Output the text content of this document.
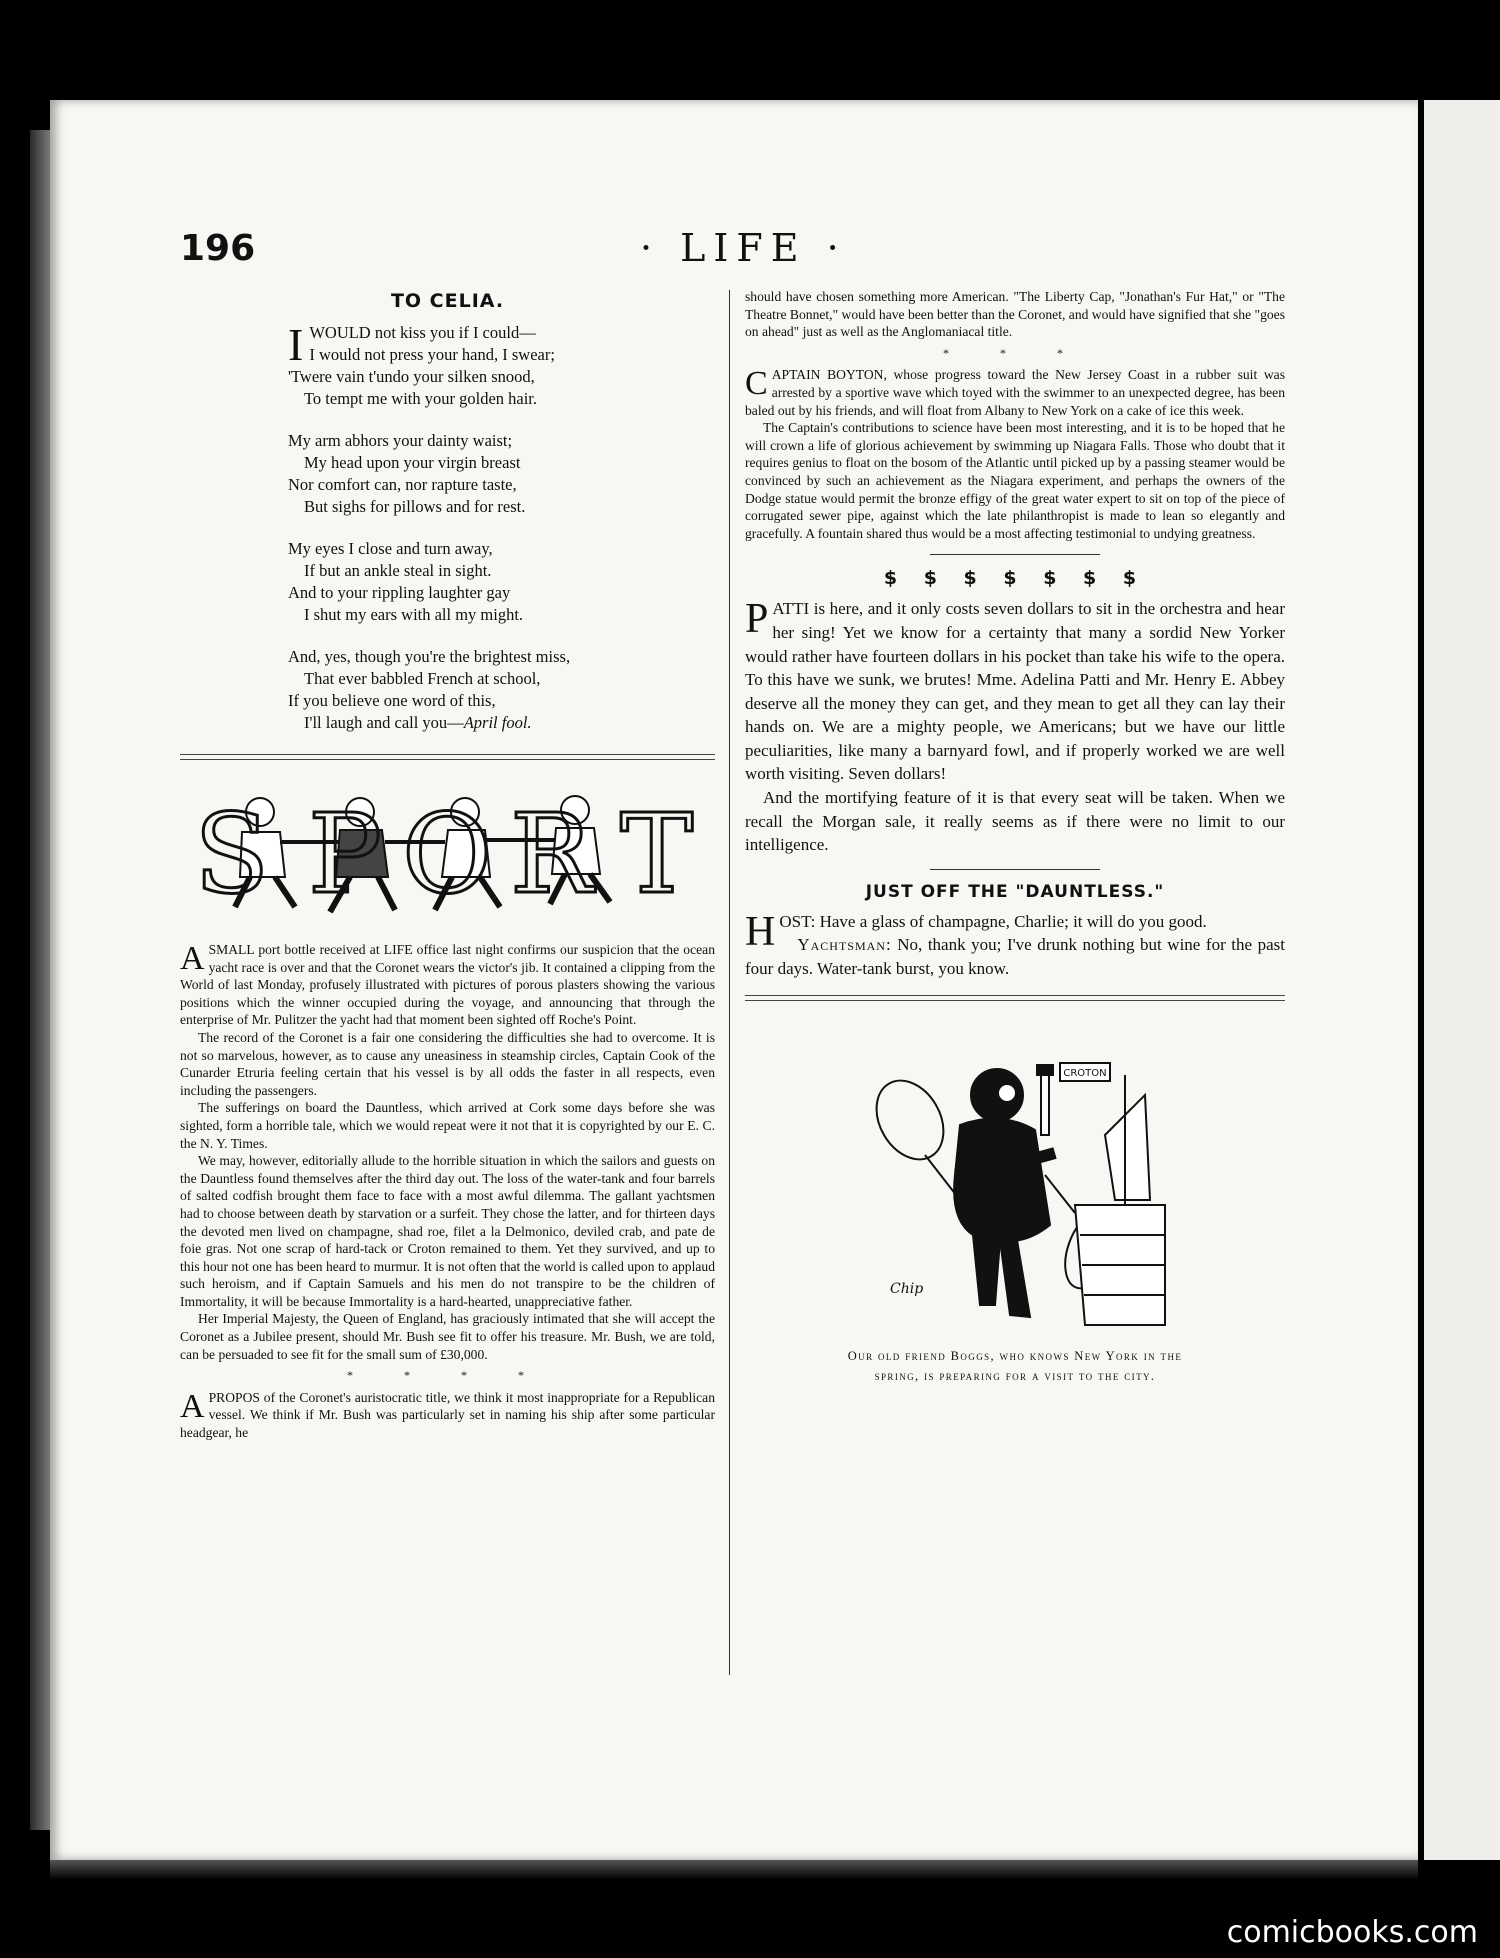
196	· LIFE ·
TO CELIA.
I WOULD not kiss you if I could—
I would not press your hand, I swear;
'Twere vain t'undo your silken snood,
To tempt me with your golden hair.
My arm abhors your dainty waist;
My head upon your virgin breast
Nor comfort can, nor rapture taste,
But sighs for pillows and for rest.
My eyes I close and turn away,
If but an ankle steal in sight.
And to your rippling laughter gay
I shut my ears with all my might.
And, yes, though you're the brightest miss,
That ever babbled French at school,
If you believe one word of this,
I'll laugh and call you—April fool.
S P O R T

ASMALL port bottle received at LIFE office last night confirms our suspicion that the ocean yacht race is over and that the Coronet wears the victor's jib. It contained a clipping from the World of last Monday, profusely illustrated with pictures of porous plasters showing the various positions which the winner occupied during the voyage, and announcing that through the enterprise of Mr. Pulitzer the yacht had that moment been sighted off Roche's Point.

The record of the Coronet is a fair one considering the difficulties she had to overcome. It is not so marvelous, however, as to cause any uneasiness in steamship circles, Captain Cook of the Cunarder Etruria feeling certain that his vessel is by all odds the faster in all respects, even including the passengers.

The sufferings on board the Dauntless, which arrived at Cork some days before she was sighted, form a horrible tale, which we would repeat were it not that it is copyrighted by our E. C. the N. Y. Times.

We may, however, editorially allude to the horrible situation in which the sailors and guests on the Dauntless found themselves after the third day out. The loss of the water-tank and four barrels of salted codfish brought them face to face with a most awful dilemma. The gallant yachtsmen had to choose between death by starvation or a surfeit. They chose the latter, and for thirteen days the devoted men lived on champagne, shad roe, filet a la Delmonico, deviled crab, and pate de foie gras. Not one scrap of hard-tack or Croton remained to them. Yet they survived, and up to this hour not one has been heard to murmur. It is not often that the world is called upon to applaud such heroism, and if Captain Samuels and his men do not transpire to be the children of Immortality, it will be because Immortality is a hard-hearted, unappreciative father.

Her Imperial Majesty, the Queen of England, has graciously intimated that she will accept the Coronet as a Jubilee present, should Mr. Bush see fit to offer his treasure. Mr. Bush, we are told, can be persuaded to see fit for the small sum of £30,000.

* * * *

APROPOS of the Coronet's auristocratic title, we think it most inappropriate for a Republican vessel. We think if Mr. Bush was particularly set in naming his ship after some particular headgear, he

should have chosen something more American. "The Liberty Cap, "Jonathan's Fur Hat," or "The Theatre Bonnet," would have been better than the Coronet, and would have signified that she "goes on ahead" just as well as the Anglomaniacal title.

* * *

CAPTAIN BOYTON, whose progress toward the New Jersey Coast in a rubber suit was arrested by a sportive wave which toyed with the swimmer to an unexpected degree, has been baled out by his friends, and will float from Albany to New York on a cake of ice this week.

The Captain's contributions to science have been most interesting, and it is to be hoped that he will crown a life of glorious achievement by swimming up Niagara Falls. Those who doubt that it requires genius to float on the bosom of the Atlantic until picked up by a passing steamer would be convinced by such an achievement as the Niagara experiment, and perhaps the owners of the Dodge statue would permit the bronze effigy of the great water expert to sit on top of the piece of corrugated sewer pipe, against which the late philanthropist is made to lean so elegantly and gracefully. A fountain shared thus would be a most affecting testimonial to undying greatness.

$ $ $ $ $ $ $

PATTI is here, and it only costs seven dollars to sit in the orchestra and hear her sing! Yet we know for a certainty that many a sordid New Yorker would rather have fourteen dollars in his pocket than take his wife to the opera. To this have we sunk, we brutes! Mme. Adelina Patti and Mr. Henry E. Abbey deserve all the money they can get, and they mean to get all they can lay their hands on. We are a mighty people, we Americans; but we have our little peculiarities, like many a barnyard fowl, and if properly worked we are well worth visiting. Seven dollars!

And the mortifying feature of it is that every seat will be taken. When we recall the Morgan sale, it really seems as if there were no limit to our intelligence.

JUST OFF THE "DAUNTLESS."

HOST: Have a glass of champagne, Charlie; it will do you good.

Yachtsman: No, thank you; I've drunk nothing but wine for the past four days. Water-tank burst, you know.

CROTON
Chip
Our old friend Boggs, who knows New York in the
spring, is preparing for a visit to the city.
comicbooks.com
